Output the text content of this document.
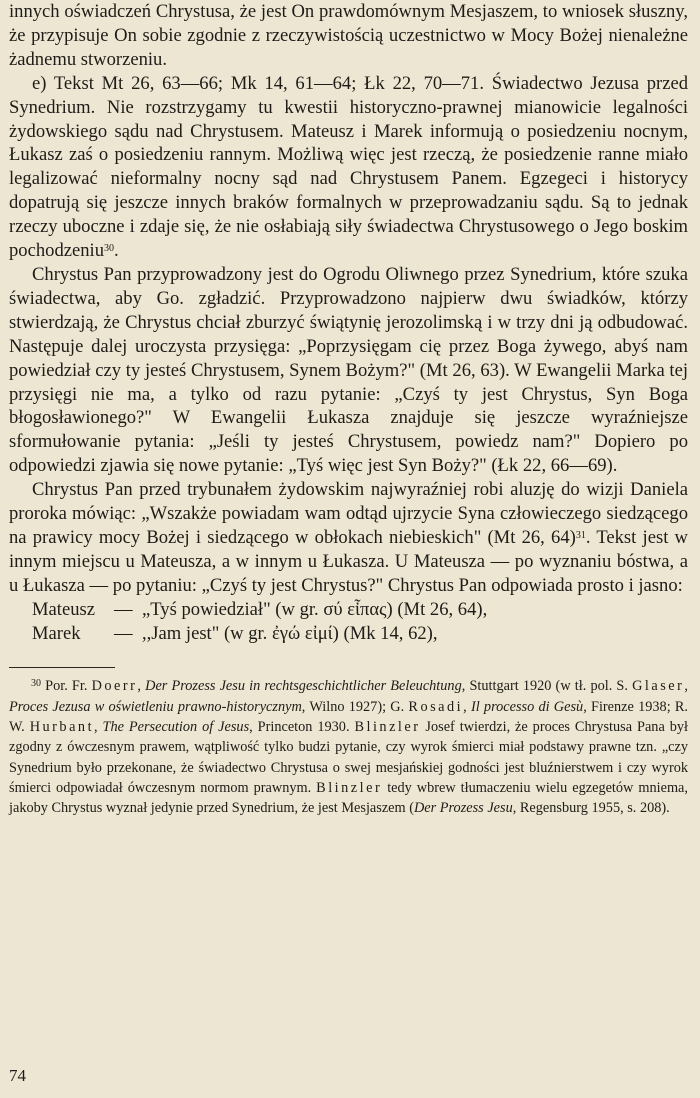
innych oświadczeń Chrystusa, że jest On prawdomównym Mesjaszem, to wniosek słuszny, że przypisuje On sobie zgodnie z rzeczywistością uczestnictwo w Mocy Bożej nienależne żadnemu stworzeniu.

e) Tekst Mt 26, 63—66; Mk 14, 61—64; Łk 22, 70—71. Świadectwo Jezusa przed Synedrium. Nie rozstrzygamy tu kwestii historyczno-prawnej mianowicie legalności żydowskiego sądu nad Chrystusem. Mateusz i Marek informują o posiedzeniu nocnym, Łukasz zaś o posiedzeniu rannym. Możliwą więc jest rzeczą, że posiedzenie ranne miało legalizować nieformalny nocny sąd nad Chrystusem Panem. Egzegeci i historycy dopatrują się jeszcze innych braków formalnych w przeprowadzaniu sądu. Są to jednak rzeczy uboczne i zdaje się, że nie osłabiają siły świadectwa Chrystusowego o Jego boskim pochodzeniu$^{30}$.

Chrystus Pan przyprowadzony jest do Ogrodu Oliwnego przez Synedrium, które szuka świadectwa, aby Go. zgładzić. Przyprowadzono najpierw dwu świadków, którzy stwierdzają, że Chrystus chciał zburzyć świątynię jerozolimską i w trzy dni ją odbudować. Następuje dalej uroczysta przysięga: „Poprzysięgam cię przez Boga żywego, abyś nam powiedział czy ty jesteś Chrystusem, Synem Bożym?" (Mt 26, 63). W Ewangelii Marka tej przysięgi nie ma, a tylko od razu pytanie: „Czyś ty jest Chrystus, Syn Boga błogosławionego?" W Ewangelii Łukasza znajduje się jeszcze wyraźniejsze sformułowanie pytania: „Jeśli ty jesteś Chrystusem, powiedz nam?" Dopiero po odpowiedzi zjawia się nowe pytanie: „Tyś więc jest Syn Boży?" (Łk 22, 66—69).

Chrystus Pan przed trybunałem żydowskim najwyraźniej robi aluzję do wizji Daniela proroka mówiąc: „Wszakże powiadam wam odtąd ujrzycie Syna człowieczego siedzącego na prawicy mocy Bożej i siedzącego w obłokach niebieskich" (Mt 26, 64)$^{31}$. Tekst jest w innym miejscu u Mateusza, a w innym u Łukasza. U Mateusza — po wyznaniu bóstwa, a u Łukasza — po pytaniu: „Czyś ty jest Chrystus?" Chrystus Pan odpowiada prosto i jasno:

Mateusz	— „Tyś powiedział" (w gr. σύ εἶπας) (Mt 26, 64),
Marek	— ,,Jam jest" (w gr. ἐγώ εἰμί) (Mk 14, 62),

$^{30}$ Por. Fr. Doerr, Der Prozess Jesu in rechtsgeschichtlicher Beleuchtung, Stuttgart 1920 (w tł. pol. S. Glaser, Proces Jezusa w oświetleniu prawno-historycznym, Wilno 1927); G. Rosadi, Il processo di Gesù, Firenze 1938; R. W. Hurbant, The Persecution of Jesus, Princeton 1930. Blinzler Josef twierdzi, że proces Chrystusa Pana był zgodny z ówczesnym prawem, wątpliwość tylko budzi pytanie, czy wyrok śmierci miał podstawy prawne tzn. „czy Synedrium było przekonane, że świadectwo Chrystusa o swej mesjańskiej godności jest bluźnierstwem i czy wyrok śmierci odpowiadał ówczesnym normom prawnym. Blinzler tedy wbrew tłumaczeniu wielu egzegetów mniema, jakoby Chrystus wyznał jedynie przed Synedrium, że jest Mesjaszem (Der Prozess Jesu, Regensburg 1955, s. 208).

74
